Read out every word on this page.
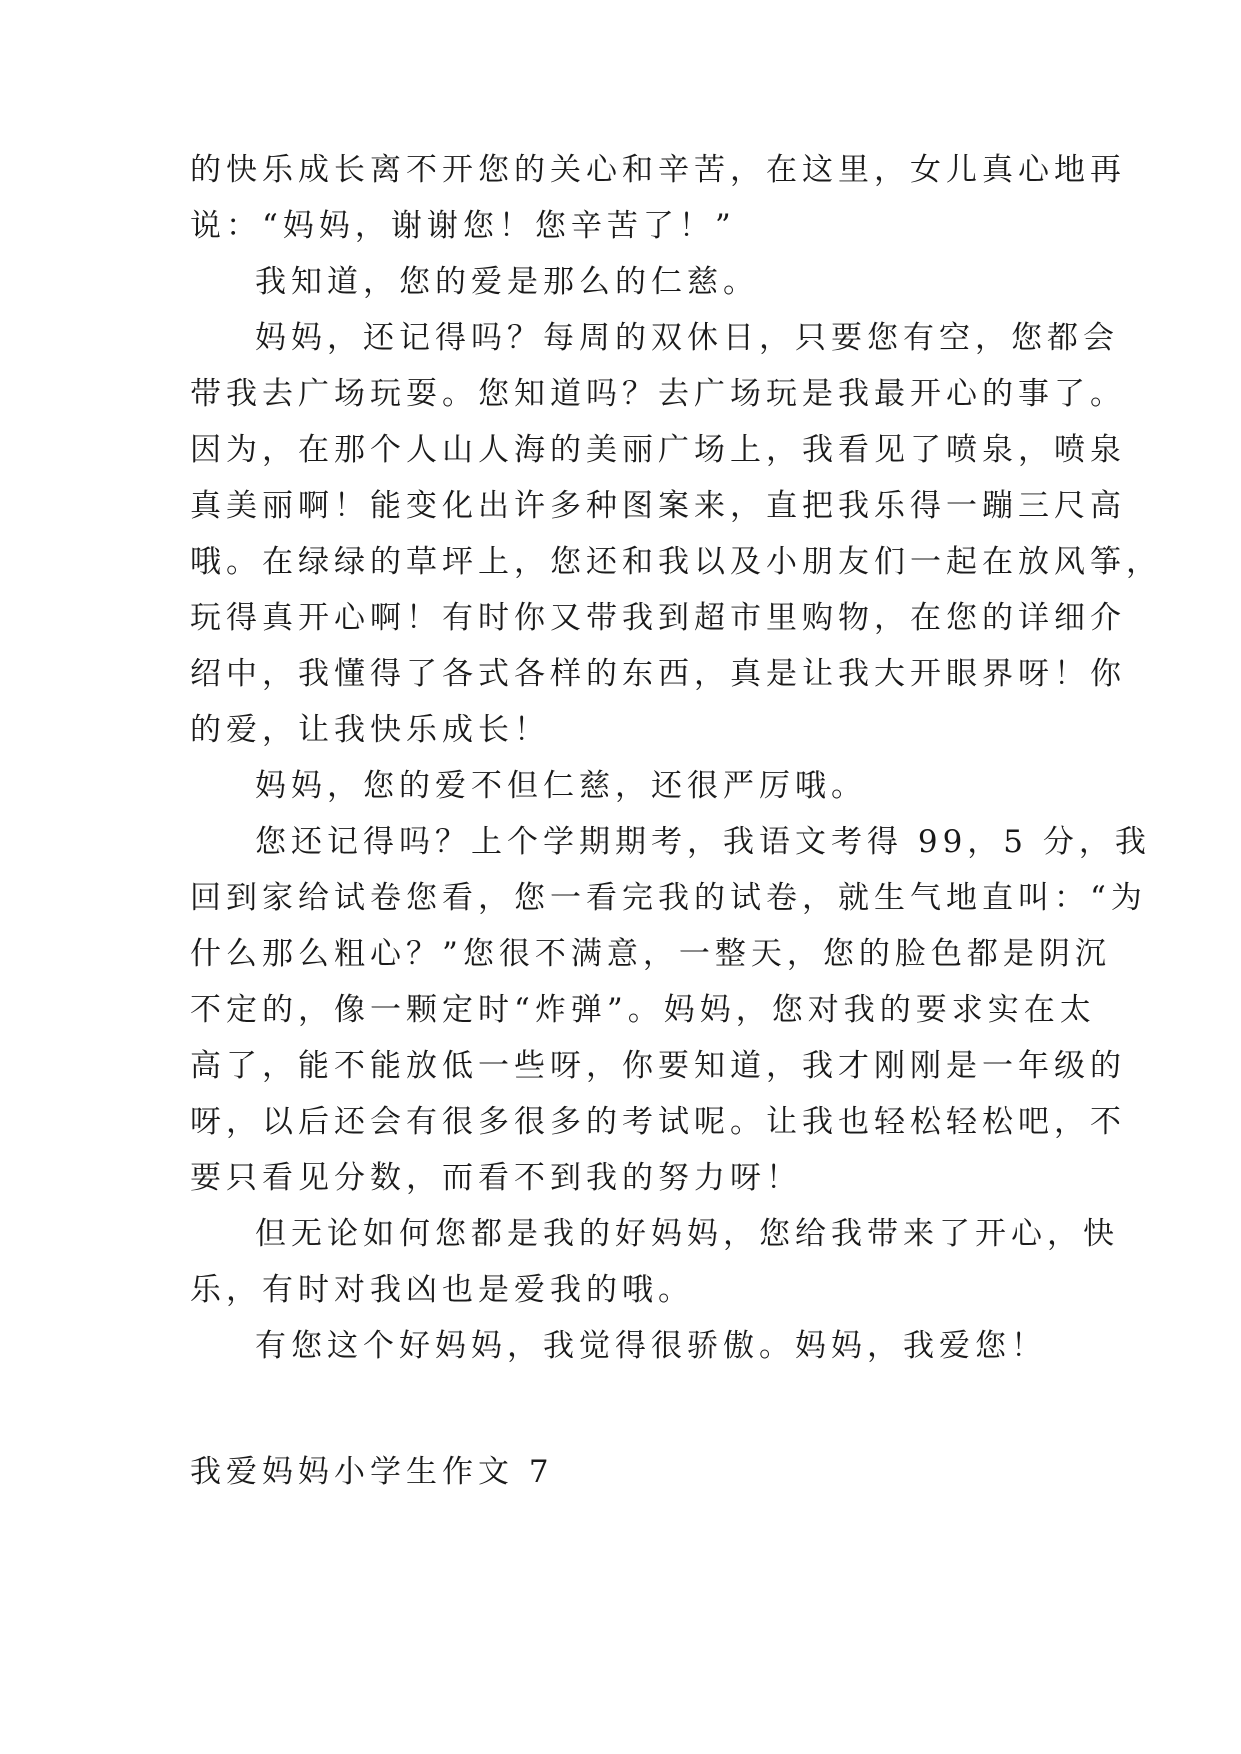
的快乐成长离不开您的关心和辛苦，在这里，女儿真心地再
说：“妈妈，谢谢您！您辛苦了！”
我知道，您的爱是那么的仁慈。
妈妈，还记得吗？每周的双休日，只要您有空，您都会
带我去广场玩耍。您知道吗？去广场玩是我最开心的事了。
因为，在那个人山人海的美丽广场上，我看见了喷泉，喷泉
真美丽啊！能变化出许多种图案来，直把我乐得一蹦三尺高
哦。在绿绿的草坪上，您还和我以及小朋友们一起在放风筝，
玩得真开心啊！有时你又带我到超市里购物，在您的详细介
绍中，我懂得了各式各样的东西，真是让我大开眼界呀！你
的爱，让我快乐成长！
妈妈，您的爱不但仁慈，还很严厉哦。
您还记得吗？上个学期期考，我语文考得 99，5 分，我
回到家给试卷您看，您一看完我的试卷，就生气地直叫：“为
什么那么粗心？”您很不满意，一整天，您的脸色都是阴沉
不定的，像一颗定时“炸弹”。妈妈，您对我的要求实在太
高了，能不能放低一些呀，你要知道，我才刚刚是一年级的
呀，以后还会有很多很多的考试呢。让我也轻松轻松吧，不
要只看见分数，而看不到我的努力呀！
但无论如何您都是我的好妈妈，您给我带来了开心，快
乐，有时对我凶也是爱我的哦。
有您这个好妈妈，我觉得很骄傲。妈妈，我爱您！
我爱妈妈小学生作文 7
